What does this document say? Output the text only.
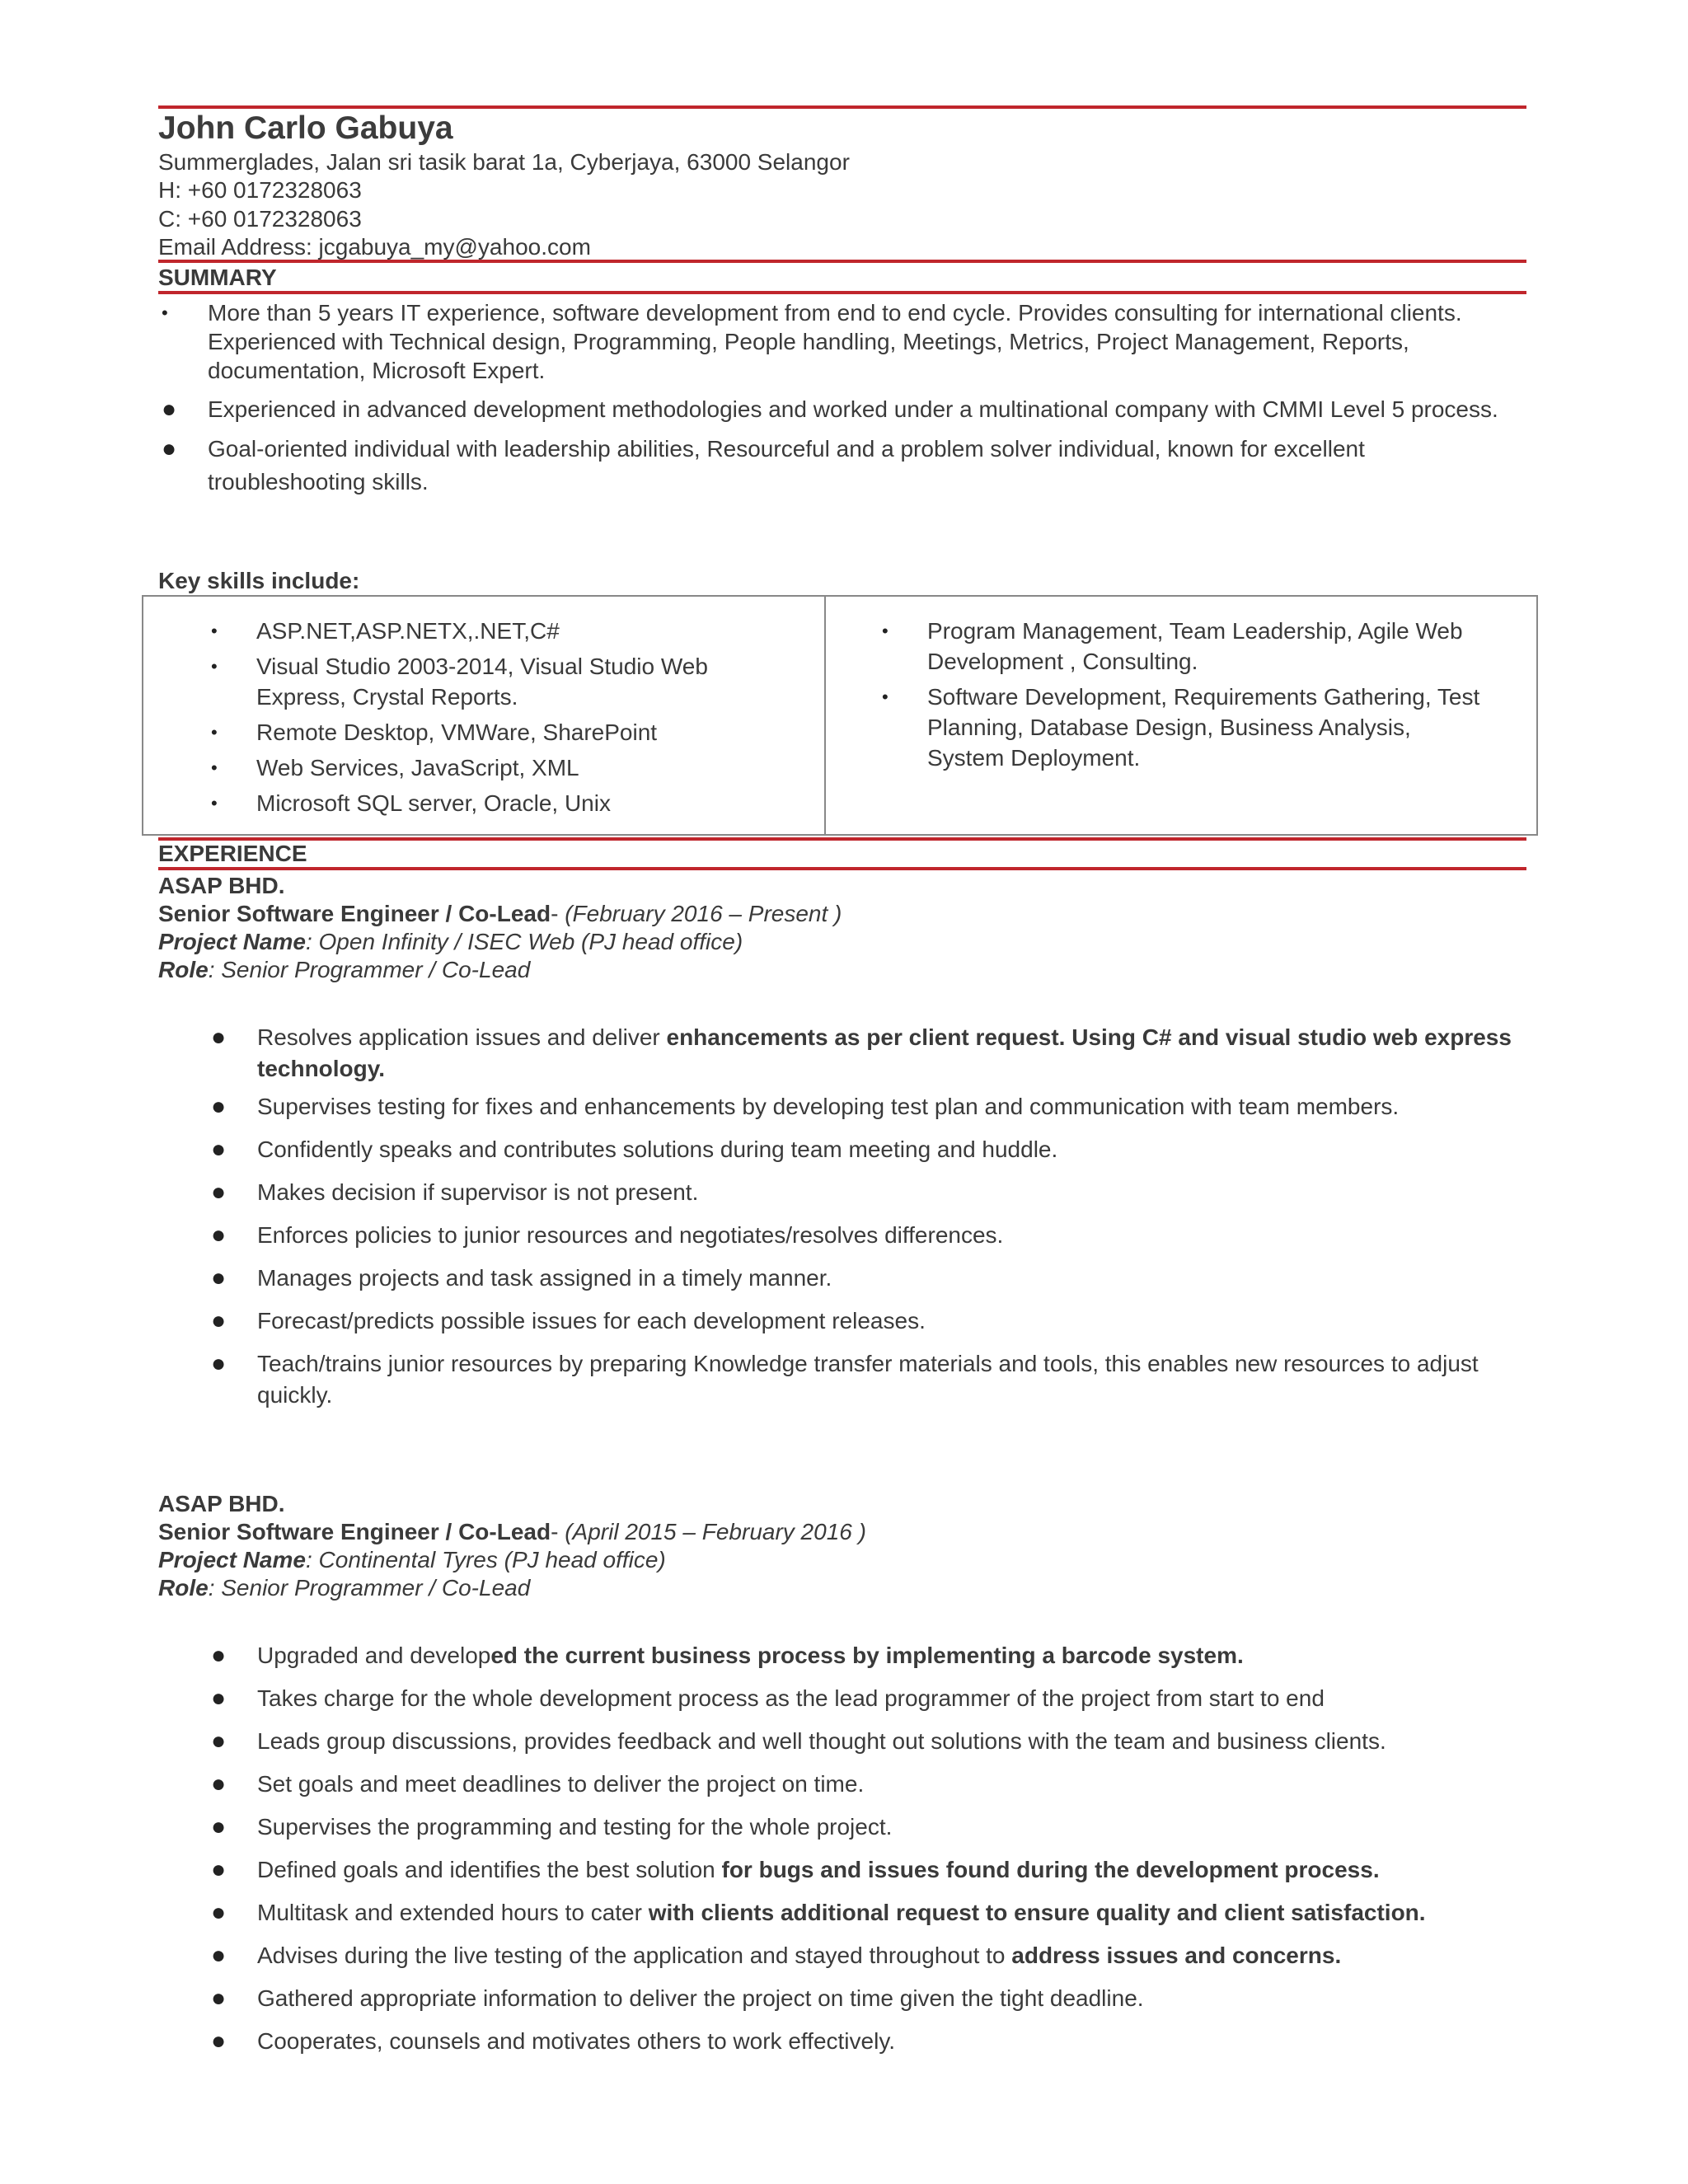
John Carlo Gabuya
Summerglades, Jalan sri tasik barat 1a, Cyberjaya, 63000 Selangor
H: +60 0172328063
C: +60 0172328063
Email Address: jcgabuya_my@yahoo.com
SUMMARY
• More than 5 years IT experience, software development from end to end cycle. Provides consulting for international clients. Experienced with Technical design, Programming, People handling, Meetings, Metrics, Project Management, Reports, documentation, Microsoft Expert.
● Experienced in advanced development methodologies and worked under a multinational company with CMMI Level 5 process.
● Goal-oriented individual with leadership abilities, Resourceful and a problem solver individual, known for excellent troubleshooting skills.
Key skills include:
• ASP.NET,ASP.NETX,.NET,C#
• Visual Studio 2003-2014, Visual Studio Web Express, Crystal Reports.
• Remote Desktop, VMWare, SharePoint
• Web Services, JavaScript, XML
• Microsoft SQL server, Oracle, Unix
• Program Management, Team Leadership, Agile Web Development , Consulting.
• Software Development, Requirements Gathering, Test Planning, Database Design, Business Analysis, System Deployment.
EXPERIENCE
ASAP BHD.
Senior Software Engineer / Co-Lead- (February 2016 – Present )
Project Name: Open Infinity / ISEC Web (PJ head office)
Role: Senior Programmer / Co-Lead
● Resolves application issues and deliver enhancements as per client request. Using C# and visual studio web express technology.
● Supervises testing for fixes and enhancements by developing test plan and communication with team members.
● Confidently speaks and contributes solutions during team meeting and huddle.
● Makes decision if supervisor is not present.
● Enforces policies to junior resources and negotiates/resolves differences.
● Manages projects and task assigned in a timely manner.
● Forecast/predicts possible issues for each development releases.
● Teach/trains junior resources by preparing Knowledge transfer materials and tools, this enables new resources to adjust quickly.
ASAP BHD.
Senior Software Engineer / Co-Lead- (April 2015 – February 2016 )
Project Name: Continental Tyres (PJ head office)
Role: Senior Programmer / Co-Lead
● Upgraded and developed the current business process by implementing a barcode system.
● Takes charge for the whole development process as the lead programmer of the project from start to end
● Leads group discussions, provides feedback and well thought out solutions with the team and business clients.
● Set goals and meet deadlines to deliver the project on time.
● Supervises the programming and testing for the whole project.
● Defined goals and identifies the best solution for bugs and issues found during the development process.
● Multitask and extended hours to cater with clients additional request to ensure quality and client satisfaction.
● Advises during the live testing of the application and stayed throughout to address issues and concerns.
● Gathered appropriate information to deliver the project on time given the tight deadline.
● Cooperates, counsels and motivates others to work effectively.
